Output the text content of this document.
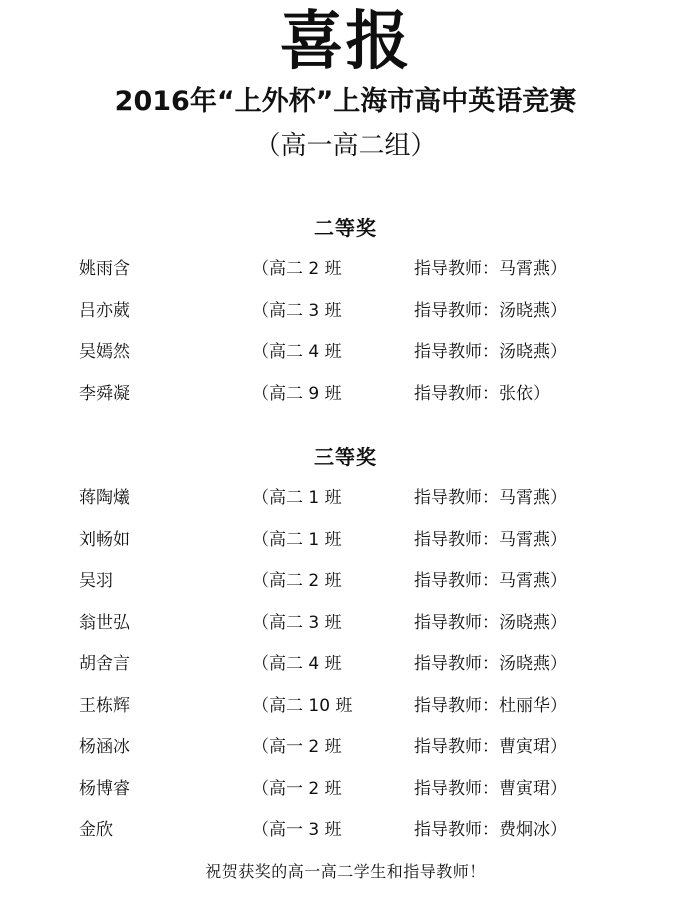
喜报
2016年“上外杯”上海市高中英语竞赛
（高一高二组）
二等奖
姚雨含	（高二 2 班	指导教师：马霄燕）
吕亦葳	（高二 3 班	指导教师：汤晓燕）
吴嫣然	（高二 4 班	指导教师：汤晓燕）
李舜凝	（高二 9 班	指导教师：张依）
三等奖
蒋陶爔	（高二 1 班	指导教师：马霄燕）
刘畅如	（高二 1 班	指导教师：马霄燕）
吴羽	（高二 2 班	指导教师：马霄燕）
翁世弘	（高二 3 班	指导教师：汤晓燕）
胡舍言	（高二 4 班	指导教师：汤晓燕）
王栋辉	（高二 10 班	指导教师：杜丽华）
杨涵冰	（高一 2 班	指导教师：曹寅珺）
杨博睿	（高一 2 班	指导教师：曹寅珺）
金欣	（高一 3 班	指导教师：费炯冰）
祝贺获奖的高一高二学生和指导教师！
